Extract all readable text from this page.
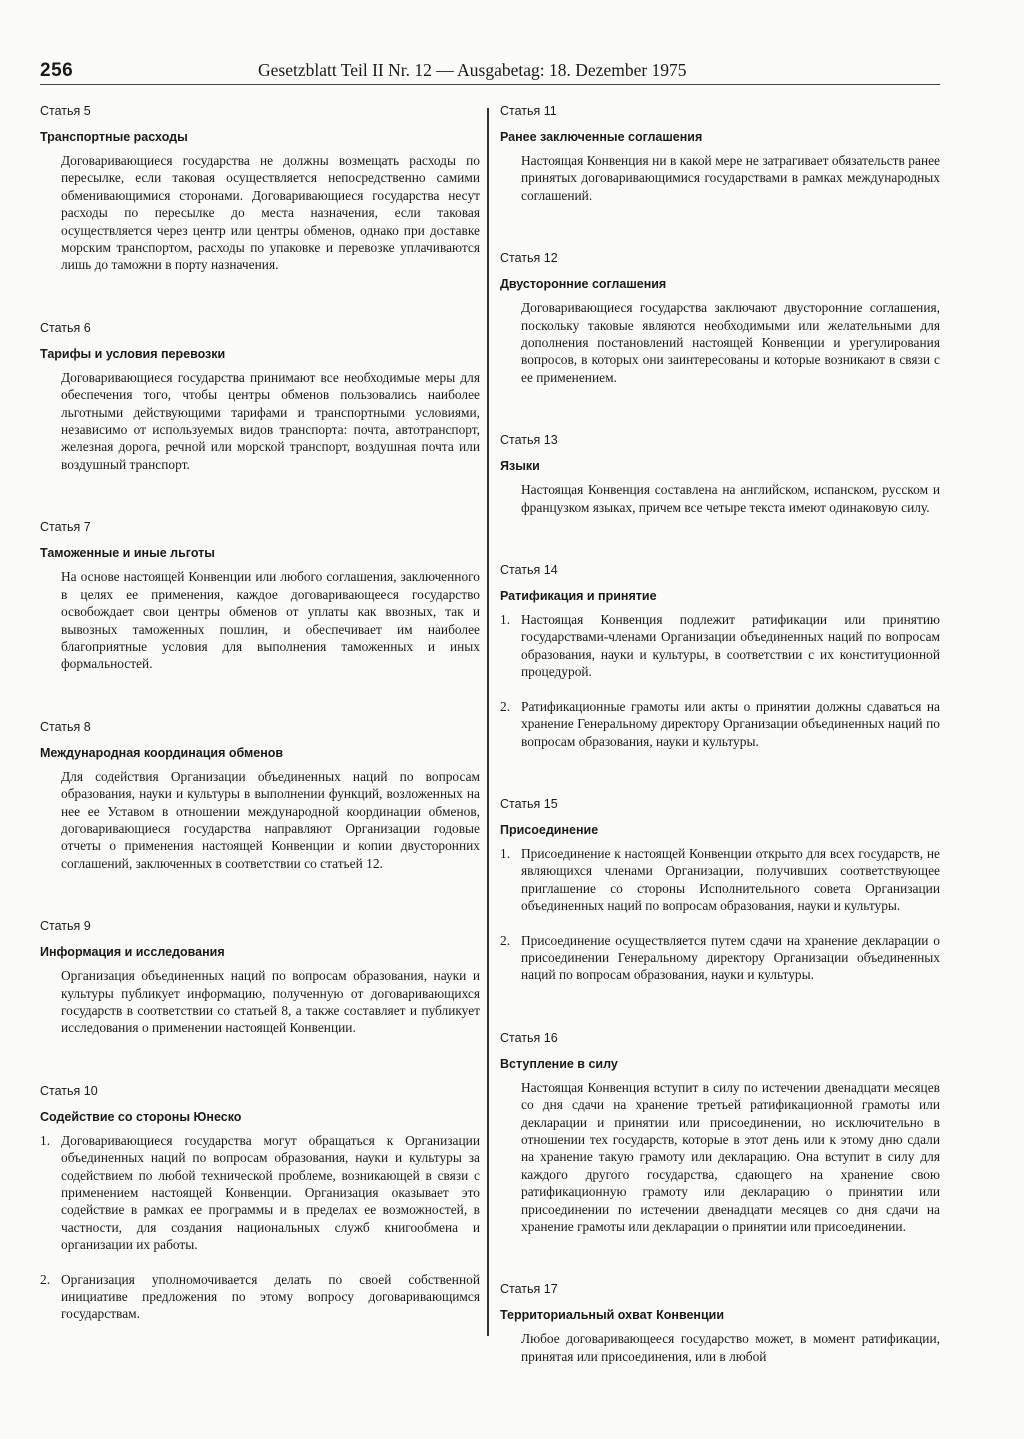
256	Gesetzblatt Teil II Nr. 12 — Ausgabetag: 18. Dezember 1975
Статья 5
Транспортные расходы

Договаривающиеся государства не должны возмещать расходы по пересылке, если таковая осуществляется непосредственно самими обменивающимися сторонами. Договаривающиеся государства несут расходы по пересылке до места назначения, если таковая осуществляется через центр или центры обменов, однако при доставке морским транспортом, расходы по упаковке и перевозке уплачиваются лишь до таможни в порту назначения.

Статья 6
Тарифы и условия перевозки

Договаривающиеся государства принимают все необходимые меры для обеспечения того, чтобы центры обменов пользовались наиболее льготными действующими тарифами и транспортными условиями, независимо от используемых видов транспорта: почта, автотранспорт, железная дорога, речной или морской транспорт, воздушная почта или воздушный транспорт.

Статья 7
Таможенные и иные льготы

На основе настоящей Конвенции или любого соглашения, заключенного в целях ее применения, каждое договаривающееся государство освобождает свои центры обменов от уплаты как ввозных, так и вывозных таможенных пошлин, и обеспечивает им наиболее благоприятные условия для выполнения таможенных и иных формальностей.

Статья 8
Международная координация обменов

Для содействия Организации объединенных наций по вопросам образования, науки и культуры в выполнении функций, возложенных на нее ее Уставом в отношении международной координации обменов, договаривающиеся государства направляют Организации годовые отчеты о применения настоящей Конвенции и копии двусторонних соглашений, заключенных в соответствии со статьей 12.

Статья 9
Информация и исследования

Организация объединенных наций по вопросам образования, науки и культуры публикует информацию, полученную от договаривающихся государств в соответствии со статьей 8, а также составляет и публикует исследования о применении настоящей Конвенции.

Статья 10
Содействие со стороны Юнеско
1. Договаривающиеся государства могут обращаться к Организации объединенных наций по вопросам образования, науки и культуры за содействием по любой технической проблеме, возникающей в связи с применением настоящей Конвенции. Организация оказывает это содействие в рамках ее программы и в пределах ее возможностей, в частности, для создания национальных служб книгообмена и организации их работы.
2. Организация уполномочивается делать по своей собственной инициативе предложения по этому вопросу договаривающимся государствам.
Статья 11
Ранее заключенные соглашения

Настоящая Конвенция ни в какой мере не затрагивает обязательств ранее принятых договаривающимися государствами в рамках международных соглашений.

Статья 12
Двусторонние соглашения

Договаривающиеся государства заключают двусторонние соглашения, поскольку таковые являются необходимыми или желательными для дополнения постановлений настоящей Конвенции и урегулирования вопросов, в которых они заинтересованы и которые возникают в связи с ее применением.

Статья 13
Языки

Настоящая Конвенция составлена на английском, испанском, русском и французком языках, причем все четыре текста имеют одинаковую силу.

Статья 14
Ратификация и принятие
1. Настоящая Конвенция подлежит ратификации или принятию государствами-членами Организации объединенных наций по вопросам образования, науки и культуры, в соответствии с их конституционной процедурой.
2. Ратификационные грамоты или акты о принятии должны сдаваться на хранение Генеральному директору Организации объединенных наций по вопросам образования, науки и культуры.
Статья 15
Присоединение
1. Присоединение к настоящей Конвенции открыто для всех государств, не являющихся членами Организации, получивших соответствующее приглашение со стороны Исполнительного совета Организации объединенных наций по вопросам образования, науки и культуры.
2. Присоединение осуществляется путем сдачи на хранение декларации о присоединении Генеральному директору Организации объединенных наций по вопросам образования, науки и культуры.
Статья 16
Вступление в силу

Настоящая Конвенция вступит в силу по истечении двенадцати месяцев со дня сдачи на хранение третьей ратификационной грамоты или декларации и принятии или присоединении, но исключительно в отношении тех государств, которые в этот день или к этому дню сдали на хранение такую грамоту или декларацию. Она вступит в силу для каждого другого государства, сдающего на хранение свою ратификационную грамоту или декларацию о принятии или присоединении по истечении двенадцати месяцев со дня сдачи на хранение грамоты или декларации о принятии или присоединении.

Статья 17
Территориальный охват Конвенции

Любое договаривающееся государство может, в момент ратификации, принятая или присоединения, или в любой
